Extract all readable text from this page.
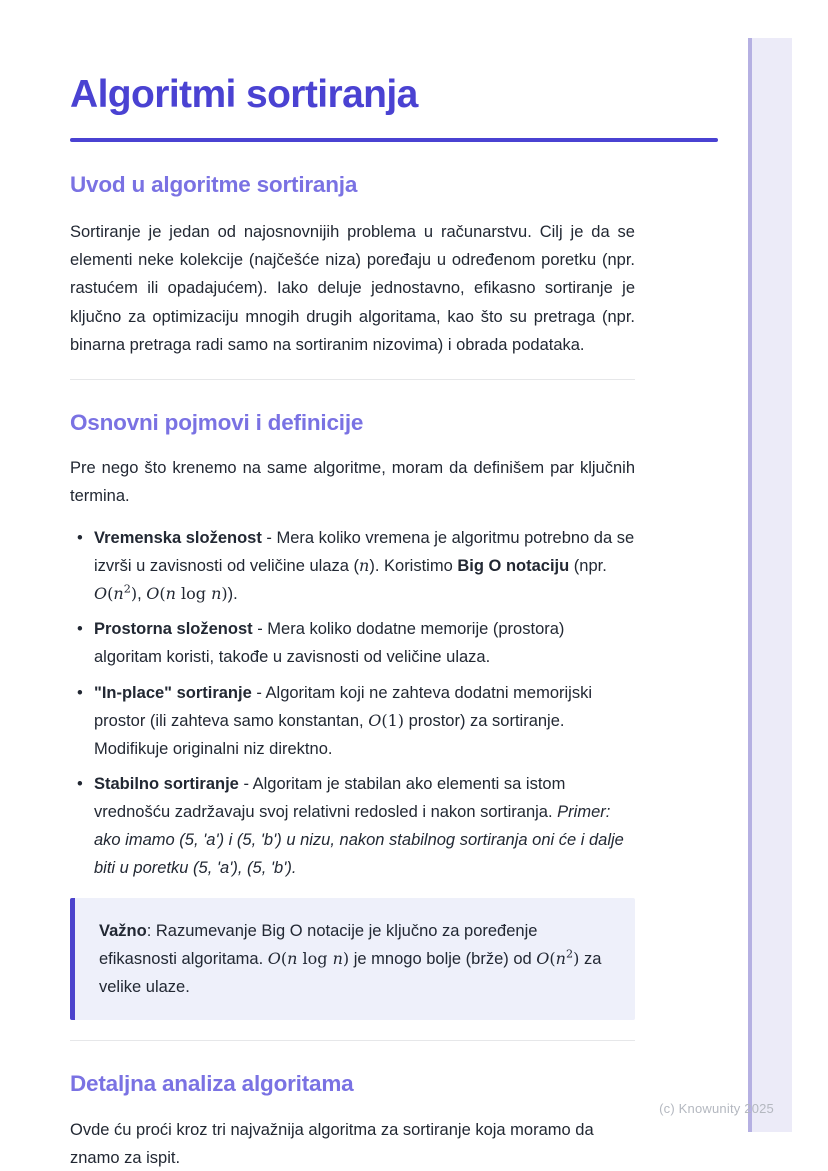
Algoritmi sortiranja
Uvod u algoritme sortiranja

Sortiranje je jedan od najosnovnijih problema u računarstvu. Cilj je da se elementi neke kolekcije (najčešće niza) poređaju u određenom poretku (npr. rastućem ili opadajućem). Iako deluje jednostavno, efikasno sortiranje je ključno za optimizaciju mnogih drugih algoritama, kao što su pretraga (npr. binarna pretraga radi samo na sortiranim nizovima) i obrada podataka.

Osnovni pojmovi i definicije

Pre nego što krenemo na same algoritme, moram da definišem par ključnih termina.

• Vremenska složenost - Mera koliko vremena je algoritmu potrebno da se izvrši u zavisnosti od veličine ulaza (n). Koristimo Big O notaciju (npr. $O(n^2)$, O(n log n)).
• Prostorna složenost - Mera koliko dodatne memorije (prostora) algoritam koristi, takođe u zavisnosti od veličine ulaza.
• "In-place" sortiranje - Algoritam koji ne zahteva dodatni memorijski prostor (ili zahteva samo konstantan, O(1) prostor) za sortiranje. Modifikuje originalni niz direktno.
• Stabilno sortiranje - Algoritam je stabilan ako elementi sa istom vrednošću zadržavaju svoj relativni redosled i nakon sortiranja. Primer: ako imamo (5, 'a') i (5, 'b') u nizu, nakon stabilnog sortiranja oni će i dalje biti u poretku (5, 'a'), (5, 'b').

Važno: Razumevanje Big O notacije je ključno za poređenje efikasnosti algoritama. O(n log n) je mnogo bolje (brže) od $O(n^2)$ za velike ulaze.

Detaljna analiza algoritama

Ovde ću proći kroz tri najvažnija algoritma za sortiranje koja moramo da znamo za ispit.

(c) Knowunity 2025
